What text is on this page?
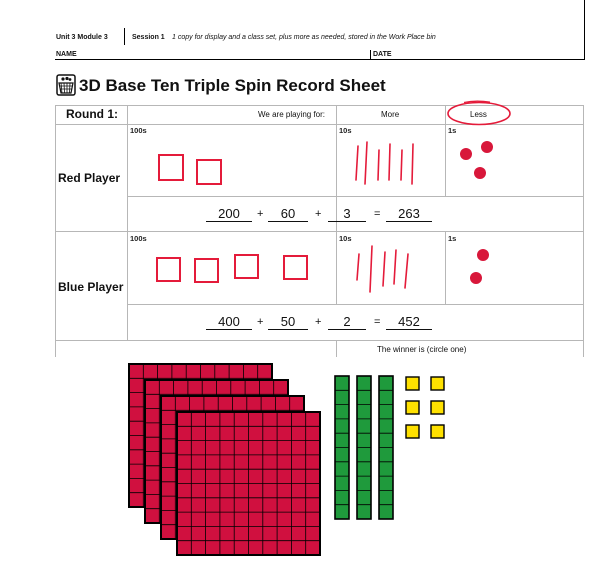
Unit 3 Module 3	Session 1 1 copy for display and a class set, plus more as needed, stored in the Work Place bin
NAME	DATE
3D Base Ten Triple Spin Record Sheet
Round 1:	We are playing for:	More	Less
Red Player
100s	10s	1s
200	+	60	+	3	=	263
Blue Player
100s	10s	1s
400	+	50	+	2	=	452
The winner is (circle one)
